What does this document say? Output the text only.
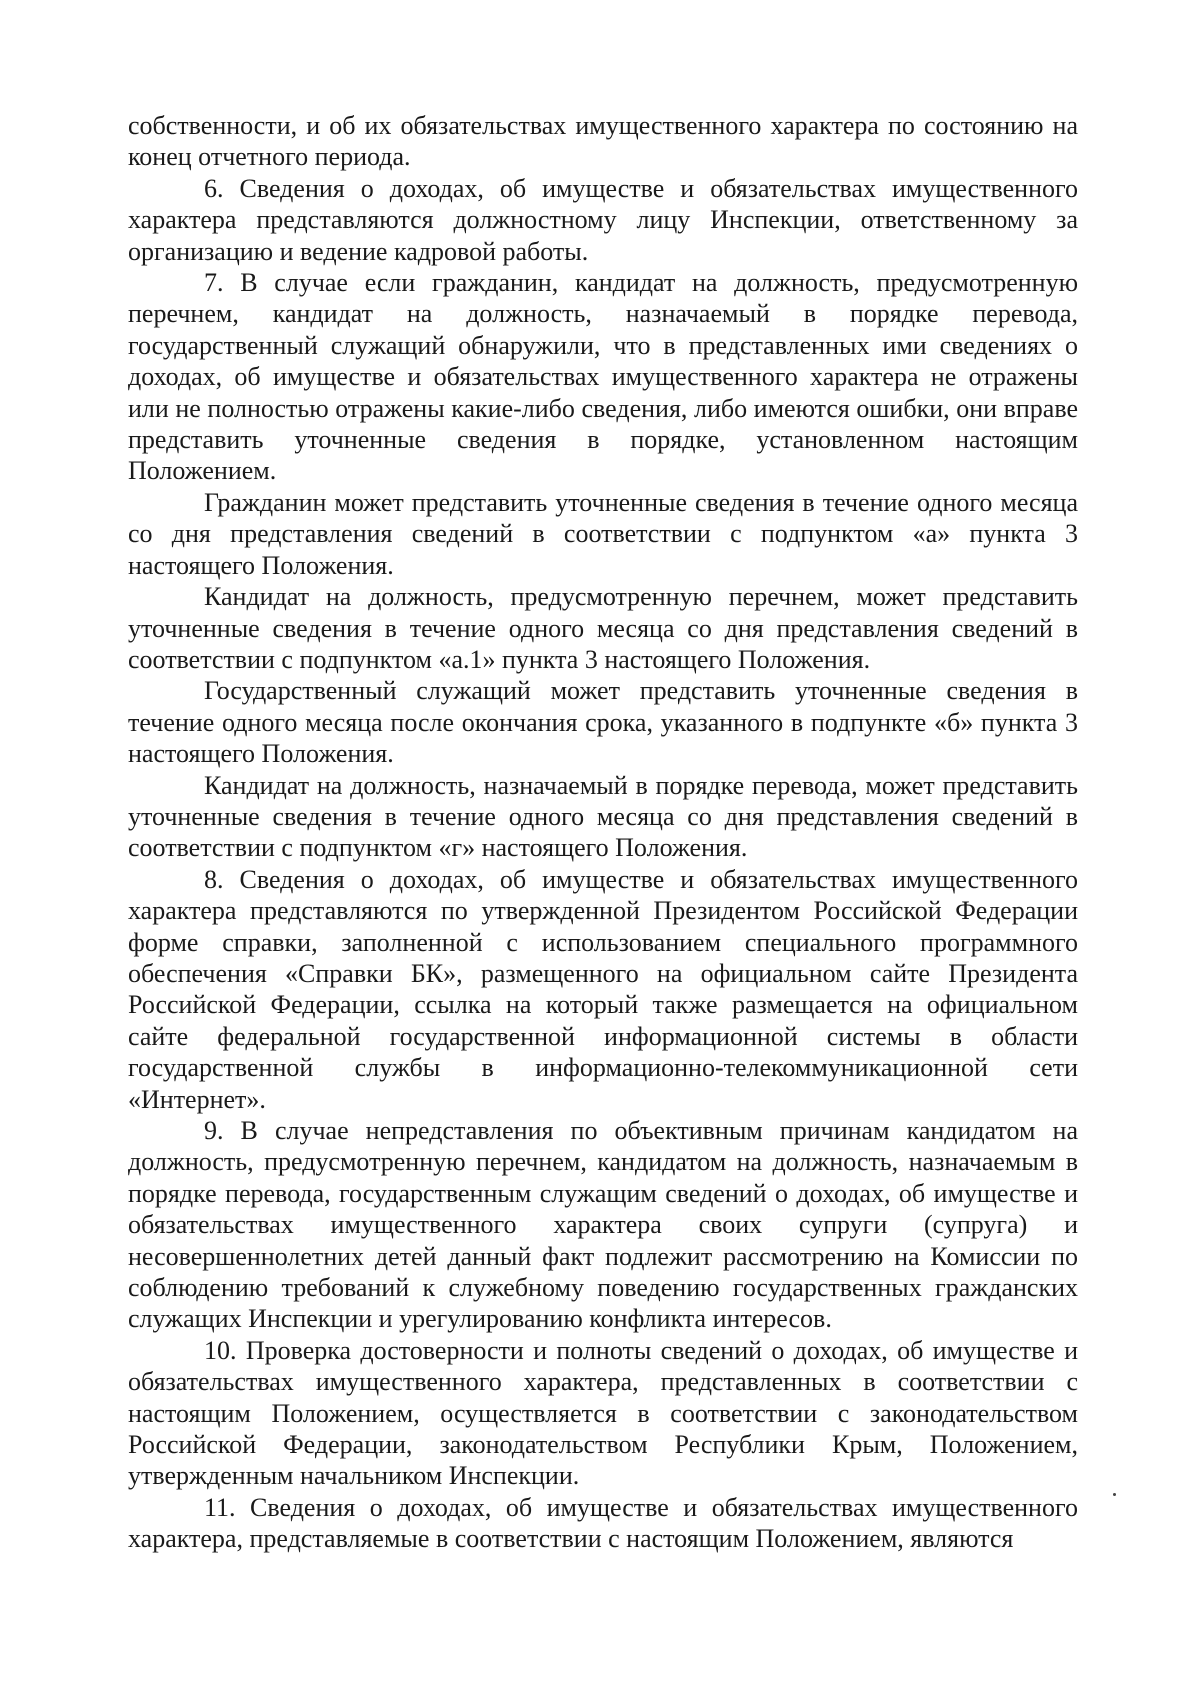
собственности, и об их обязательствах имущественного характера по состоянию на конец отчетного периода.

6. Сведения о доходах, об имуществе и обязательствах имущественного характера представляются должностному лицу Инспекции, ответственному за организацию и ведение кадровой работы.

7. В случае если гражданин, кандидат на должность, предусмотренную перечнем, кандидат на должность, назначаемый в порядке перевода, государственный служащий обнаружили, что в представленных ими сведениях о доходах, об имуществе и обязательствах имущественного характера не отражены или не полностью отражены какие-либо сведения, либо имеются ошибки, они вправе представить уточненные сведения в порядке, установленном настоящим Положением.

Гражданин может представить уточненные сведения в течение одного месяца со дня представления сведений в соответствии с подпунктом «а» пункта 3 настоящего Положения.

Кандидат на должность, предусмотренную перечнем, может представить уточненные сведения в течение одного месяца со дня представления сведений в соответствии с подпунктом «а.1» пункта 3 настоящего Положения.

Государственный служащий может представить уточненные сведения в течение одного месяца после окончания срока, указанного в подпункте «б» пункта 3 настоящего Положения.

Кандидат на должность, назначаемый в порядке перевода, может представить уточненные сведения в течение одного месяца со дня представления сведений в соответствии с подпунктом «г» настоящего Положения.

8. Сведения о доходах, об имуществе и обязательствах имущественного характера представляются по утвержденной Президентом Российской Федерации форме справки, заполненной с использованием специального программного обеспечения «Справки БК», размещенного на официальном сайте Президента Российской Федерации, ссылка на который также размещается на официальном сайте федеральной государственной информационной системы в области государственной службы в информационно-телекоммуникационной сети «Интернет».

9. В случае непредставления по объективным причинам кандидатом на должность, предусмотренную перечнем, кандидатом на должность, назначаемым в порядке перевода, государственным служащим сведений о доходах, об имуществе и обязательствах имущественного характера своих супруги (супруга) и несовершеннолетних детей данный факт подлежит рассмотрению на Комиссии по соблюдению требований к служебному поведению государственных гражданских служащих Инспекции и урегулированию конфликта интересов.

10. Проверка достоверности и полноты сведений о доходах, об имуществе и обязательствах имущественного характера, представленных в соответствии с настоящим Положением, осуществляется в соответствии с законодательством Российской Федерации, законодательством Республики Крым, Положением, утвержденным начальником Инспекции.

11. Сведения о доходах, об имуществе и обязательствах имущественного характера, представляемые в соответствии с настоящим Положением, являются
